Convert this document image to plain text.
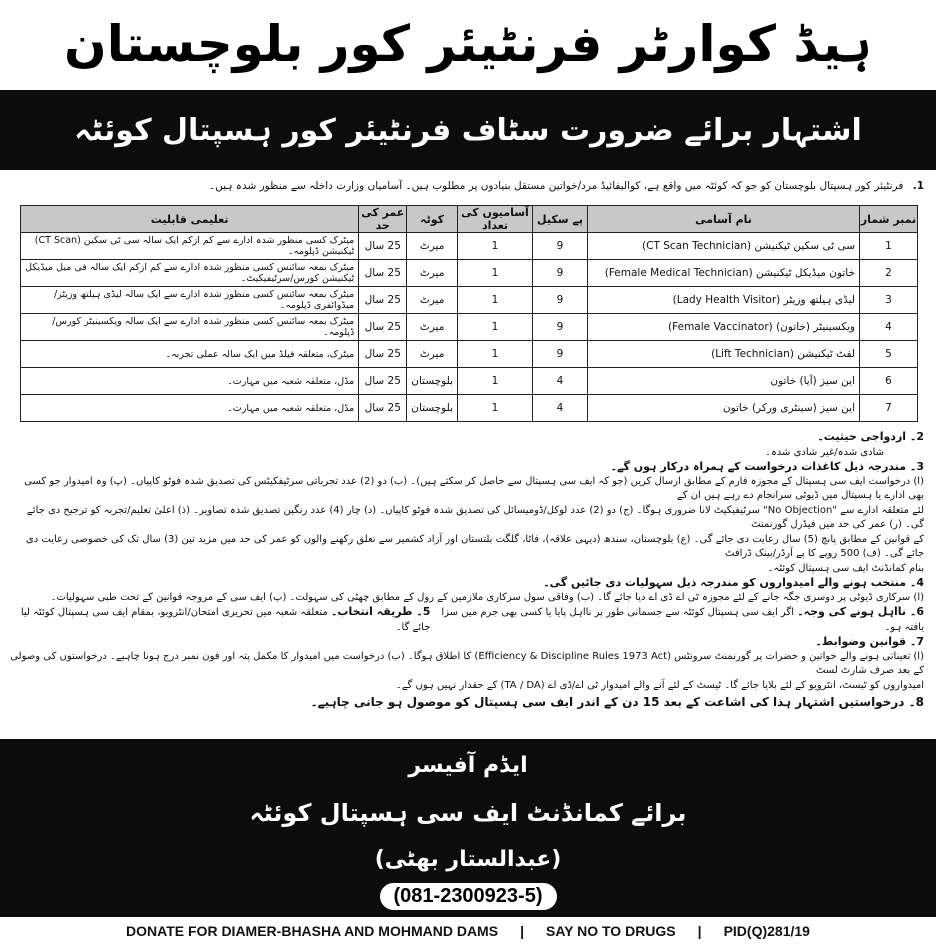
ہیڈ کوارٹر فرنٹیئر کور بلوچستان
اشتہار برائے ضرورت سٹاف فرنٹیئر کور ہسپتال کوئٹہ
1. فرنٹیئر کور ہسپتال بلوچستان کو جو کہ کوئٹہ میں واقع ہے، کوالیفائیڈ مرد/خواتین مستقل بنیادوں پر مطلوب ہیں۔ آسامیاں وزارت داخلہ سے منظور شدہ ہیں۔
نمبر شمار	نام آسامی	پے سکیل	آسامیوں کی تعداد	کوٹہ	عمر کی حد	تعلیمی قابلیت
1	سی ٹی سکین ٹیکنیشن (CT Scan Technician)	9	1	میرٹ	25 سال	میٹرک کسی منظور شدہ ادارے سے کم ازکم ایک سالہ سی ٹی سکین (CT Scan) ٹیکنیشن ڈپلومہ۔
2	خاتون میڈیکل ٹیکنیشن (Female Medical Technician)	9	1	میرٹ	25 سال	میٹرک بمعہ سائنس کسی منظور شدہ ادارے سے کم ازکم ایک سالہ فی میل میڈیکل ٹیکنیشن کورس/سرٹیفیکیٹ۔
3	لیڈی ہیلتھ وزیٹر (Lady Health Visitor)	9	1	میرٹ	25 سال	میٹرک بمعہ سائنس کسی منظور شدہ ادارے سے ایک سالہ لیڈی ہیلتھ وزیٹر/میڈوائفری ڈپلومہ۔
4	ویکسینیٹر (خاتون) (Female Vaccinator)	9	1	میرٹ	25 سال	میٹرک بمعہ سائنس کسی منظور شدہ ادارے سے ایک سالہ ویکسینیٹر کورس/ڈپلومہ۔
5	لفٹ ٹیکنیشن (Lift Technician)	9	1	میرٹ	25 سال	میٹرک، متعلقہ فیلڈ میں ایک سالہ عملی تجربہ۔
6	این سیز (آیا) خاتون	4	1	بلوچستان	25 سال	مڈل، متعلقہ شعبہ میں مہارت۔
7	این سیز (سینٹری ورکر) خاتون	4	1	بلوچستان	25 سال	مڈل، متعلقہ شعبہ میں مہارت۔
2۔ ازدواجی حیثیت۔
شادی شدہ/غیر شادی شدہ۔
3۔ مندرجہ ذیل کاغذات درخواست کے ہمراہ درکار ہوں گے۔
(ا) درخواست ایف سی ہسپتال کے مجوزہ فارم کے مطابق ارسال کریں (جو کہ ایف سی ہسپتال سے حاصل کر سکتے ہیں)۔ (ب) دو (2) عدد تجرباتی سرٹیفکیٹس کی تصدیق شدہ فوٹو کاپیاں۔ (پ) وہ امیدوار جو کسی بھی ادارے یا ہسپتال میں ڈیوٹی سرانجام دے رہے ہیں ان کے
لئے متعلقہ ادارے سے "No Objection" سرٹیفیکیٹ لانا ضروری ہوگا۔ (ج) دو (2) عدد لوکل/ڈومیسائل کی تصدیق شدہ فوٹو کاپیاں۔ (د) چار (4) عدد رنگین تصدیق شدہ تصاویر۔ (ذ) اعلیٰ تعلیم/تجربہ کو ترجیح دی جائے گی۔ (ر) عمر کی حد میں فیڈرل گورنمنٹ
کے قوانین کے مطابق پانچ (5) سال رعایت دی جائے گی۔ (ع) بلوچستان، سندھ (دیہی علاقہ)، فاٹا، گلگت بلتستان اور آزاد کشمیر سے تعلق رکھنے والوں کو عمر کی حد میں مزید تین (3) سال تک کی خصوصی رعایت دی جائے گی۔ (ف) 500 روپے کا پے آرڈر/بینک ڈرافٹ
بنام کمانڈنٹ ایف سی ہسپتال کوئٹہ۔
4۔ منتخب ہونے والے امیدواروں کو مندرجہ ذیل سہولیات دی جائیں گی۔
(ا) سرکاری ڈیوٹی پر دوسری جگہ جانے کے لئے مجوزہ ٹی اے ڈی اے دیا جائے گا۔ (ب) وفاقی سول سرکاری ملازمین کے رول کے مطابق چھٹی کی سہولت۔ (پ) ایف سی کے مروجہ قوانین کے تحت طبی سہولیات۔
5۔ طریقہ انتخاب۔ متعلقہ شعبہ میں تحریری امتحان/انٹرویو، بمقام ایف سی ہسپتال کوئٹہ لیا جائے گا۔
6۔ نااہل ہونے کی وجہ۔ اگر ایف سی ہسپتال کوئٹہ سے جسمانی طور پر نااہل پایا یا کسی بھی جرم میں سزا یافتہ ہو۔
7۔ قوانین وضوابط۔
(ا) تعیناتی ہونے والے خواتین و حضرات پر گورنمنٹ سرونٹس (Efficiency & Discipline Rules 1973 Act) کا اطلاق ہوگا۔ (ب) درخواست میں امیدوار کا مکمل پتہ اور فون نمبر درج ہونا چاہیے۔ درخواستوں کی وصولی کے بعد صرف شارٹ لسٹ
امیدواروں کو ٹیسٹ، انٹرویو کے لئے بلایا جائے گا۔ ٹیسٹ کے لئے آنے والے امیدوار ٹی اے/ڈی اے (TA / DA) کے حقدار نہیں ہوں گے۔
8۔ درخواستیں اشتہار ہذا کی اشاعت کے بعد 15 دن کے اندر ایف سی ہسپتال کو موصول ہو جانی چاہیے۔
ایڈم آفیسر
برائے کمانڈنٹ ایف سی ہسپتال کوئٹہ
(عبدالستار بھٹی)
(081-2300923-5)
DONATE FOR DIAMER-BHASHA AND MOHMAND DAMS | SAY NO TO DRUGS | PID(Q)281/19
